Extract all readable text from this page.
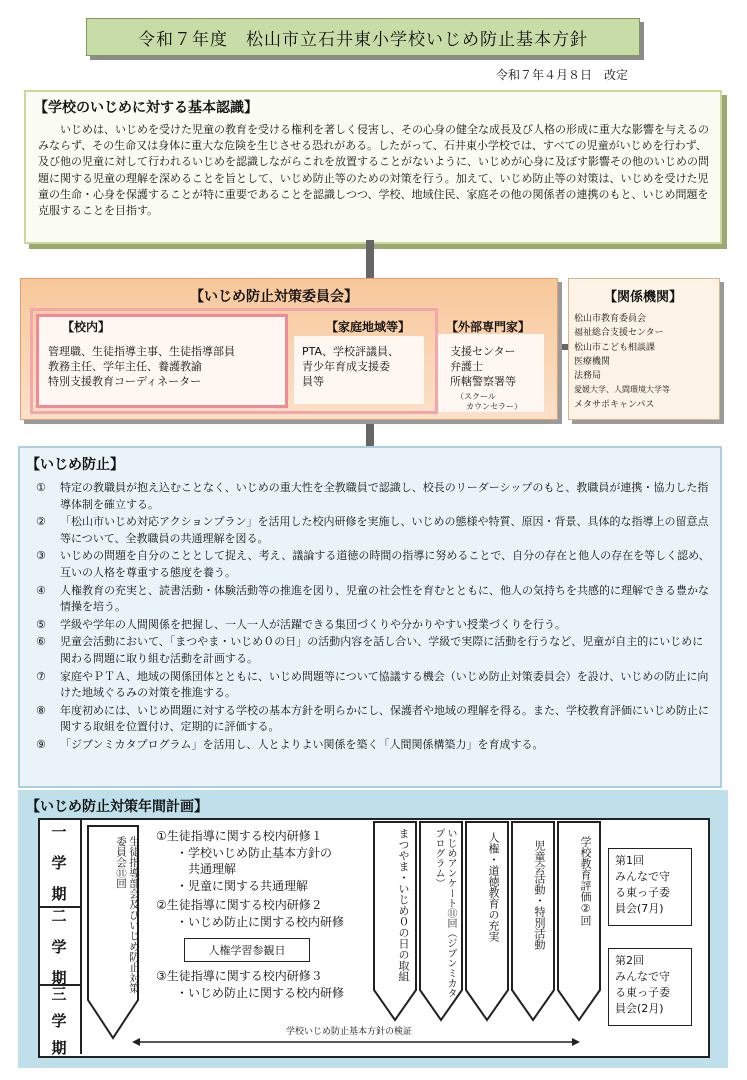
令和７年度　松山市立石井東小学校いじめ防止基本方針
令和７年４月８日　改定
【学校のいじめに対する基本認識】
いじめは、いじめを受けた児童の教育を受ける権利を著しく侵害し、その心身の健全な成長及び人格の形成に重大な影響を与えるのみならず、その生命又は身体に重大な危険を生じさせる恐れがある。したがって、石井東小学校では、すべての児童がいじめを行わず、及び他の児童に対して行われるいじめを認識しながらこれを放置することがないように、いじめが心身に及ぼす影響その他のいじめの問題に関する児童の理解を深めることを旨として、いじめ防止等のための対策を行う。加えて、いじめ防止等の対策は、いじめを受けた児童の生命・心身を保護することが特に重要であることを認識しつつ、学校、地域住民、家庭その他の関係者の連携のもと、いじめ問題を克服することを目指す。
【いじめ防止対策委員会】
【校内】
管理職、生徒指導主事、生徒指導部員
教務主任、学年主任、養護教諭
特別支援教育コーディネーター
【家庭地域等】
PTA、学校評議員、
青少年育成支援委
員等
【外部専門家】
支援センター
弁護士
所轄警察署等
（スクール
カウンセラー）
【関係機関】
松山市教育委員会
福祉総合支援センター
松山市こども相談課
医療機関
法務局
愛媛大学、人間環境大学等
メタサポキャンパス
【いじめ防止】
① 特定の教職員が抱え込むことなく、いじめの重大性を全教職員で認識し、校長のリーダーシップのもと、教職員が連携・協力した指導体制を確立する。
② 「松山市いじめ対応アクションプラン」を活用した校内研修を実施し、いじめの態様や特質、原因・背景、具体的な指導上の留意点等について、全教職員の共通理解を図る。
③ いじめの問題を自分のこととして捉え、考え、議論する道徳の時間の指導に努めることで、自分の存在と他人の存在を等しく認め、互いの人格を尊重する態度を養う。
④ 人権教育の充実と、読書活動・体験活動等の推進を図り、児童の社会性を育むとともに、他人の気持ちを共感的に理解できる豊かな情操を培う。
⑤ 学級や学年の人間関係を把握し、一人一人が活躍できる集団づくりや分かりやすい授業づくりを行う。
⑥ 児童会活動において、「まつやま・いじめ０の日」の活動内容を話し合い、学級で実際に活動を行うなど、児童が自主的にいじめに関わる問題に取り組む活動を計画する。
⑦ 家庭やＰＴＡ、地域の関係団体とともに、いじめ問題等について協議する機会（いじめ防止対策委員会）を設け、いじめの防止に向けた地域ぐるみの対策を推進する。
⑧ 年度初めには、いじめ問題に対する学校の基本方針を明らかにし、保護者や地域の理解を得る。また、学校教育評価にいじめ防止に関する取組を位置付け、定期的に評価する。
⑨ 「ジブンミカタプログラム」を活用し、人とよりよい関係を築く「人間関係構築力」を育成する。
【いじめ防止対策年間計画】
一
学
期
二
学
期
三
学
期
生徒指導部会及びいじめ防止対策委員会⑪回	まつやま・いじめ０の日の取組	いじめアンケート⑪回（ジブンミカタプログラム）	人権・道徳教育の充実	児童会活動・特別活動	学校教育評価②回
①生徒指導に関する校内研修１
・学校いじめ防止基本方針の
　共通理解
・児童に関する共通理解
②生徒指導に関する校内研修２
・いじめ防止に関する校内研修
人権学習参観日
③生徒指導に関する校内研修３
・いじめ防止に関する校内研修
第1回
みんなで守
る東っ子委
員会(7月)
第2回
みんなで守
る東っ子委
員会(2月)
学校いじめ防止基本方針の検証
